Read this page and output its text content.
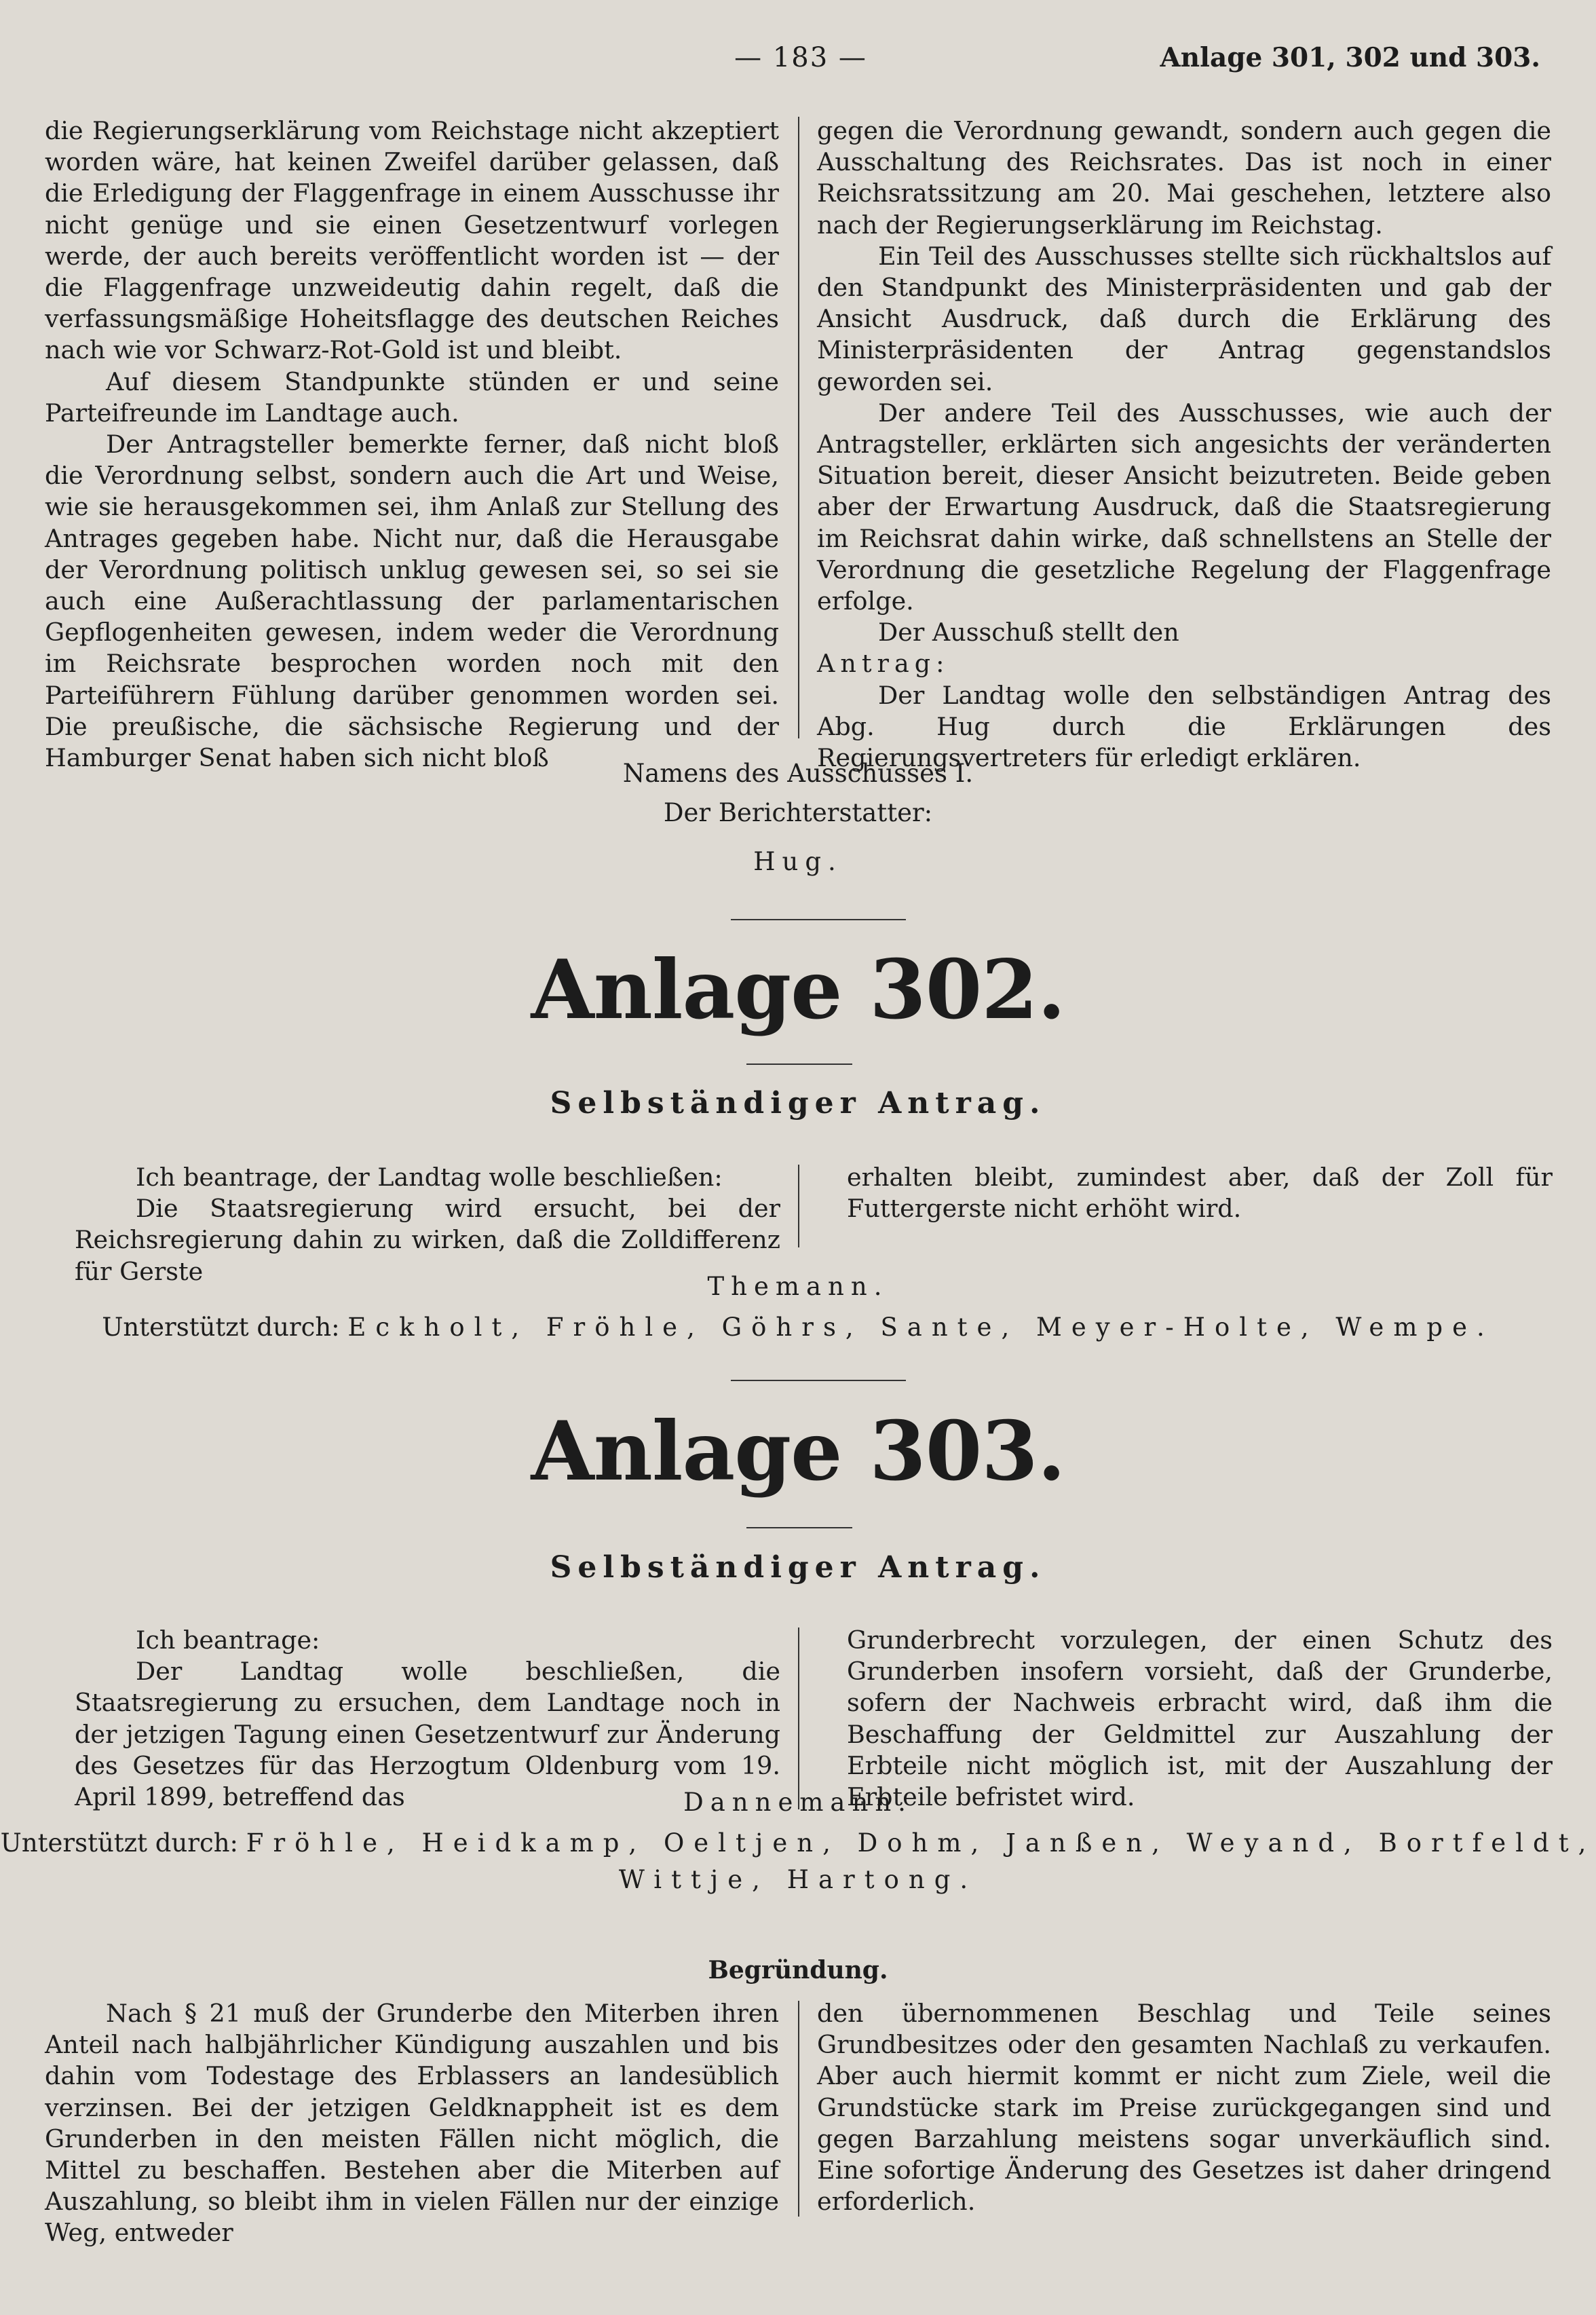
— 183 —	Anlage 301, 302 und 303.

die Regierungserklärung vom Reichstage nicht akzeptiert worden wäre, hat keinen Zweifel darüber gelassen, daß die Erledigung der Flaggenfrage in einem Ausschusse ihr nicht genüge und sie einen Gesetzentwurf vorlegen werde, der auch bereits veröffentlicht worden ist — der die Flaggenfrage unzweideutig dahin regelt, daß die verfassungsmäßige Hoheitsflagge des deutschen Reiches nach wie vor Schwarz-Rot-Gold ist und bleibt.

Auf diesem Standpunkte stünden er und seine Parteifreunde im Landtage auch.

Der Antragsteller bemerkte ferner, daß nicht bloß die Verordnung selbst, sondern auch die Art und Weise, wie sie herausgekommen sei, ihm Anlaß zur Stellung des Antrages gegeben habe. Nicht nur, daß die Herausgabe der Verordnung politisch unklug gewesen sei, so sei sie auch eine Außerachtlassung der parlamentarischen Gepflogenheiten gewesen, indem weder die Verordnung im Reichsrate besprochen worden noch mit den Parteiführern Fühlung darüber genommen worden sei. Die preußische, die sächsische Regierung und der Hamburger Senat haben sich nicht bloß

gegen die Verordnung gewandt, sondern auch gegen die Ausschaltung des Reichsrates. Das ist noch in einer Reichsratssitzung am 20. Mai geschehen, letztere also nach der Regierungserklärung im Reichstag.

Ein Teil des Ausschusses stellte sich rückhaltslos auf den Standpunkt des Ministerpräsidenten und gab der Ansicht Ausdruck, daß durch die Erklärung des Ministerpräsidenten der Antrag gegenstandslos geworden sei.

Der andere Teil des Ausschusses, wie auch der Antragsteller, erklärten sich angesichts der veränderten Situation bereit, dieser Ansicht beizutreten. Beide geben aber der Erwartung Ausdruck, daß die Staatsregierung im Reichsrat dahin wirke, daß schnellstens an Stelle der Verordnung die gesetzliche Regelung der Flaggenfrage erfolge.

Der Ausschuß stellt den

Antrag:

Der Landtag wolle den selbständigen Antrag des Abg. Hug durch die Erklärungen des Regierungsvertreters für erledigt erklären.

Namens des Ausschusses I.
Der Berichterstatter:
Hug.
Anlage 302.
Selbständiger Antrag.

Ich beantrage, der Landtag wolle beschließen:

Die Staatsregierung wird ersucht, bei der Reichsregierung dahin zu wirken, daß die Zolldifferenz für Gerste

erhalten bleibt, zumindest aber, daß der Zoll für Futtergerste nicht erhöht wird.

Themann.
Unterstützt durch: Eckholt, Fröhle, Göhrs, Sante, Meyer-Holte, Wempe.
Anlage 303.
Selbständiger Antrag.

Ich beantrage:

Der Landtag wolle beschließen, die Staatsregierung zu ersuchen, dem Landtage noch in der jetzigen Tagung einen Gesetzentwurf zur Änderung des Gesetzes für das Herzogtum Oldenburg vom 19. April 1899, betreffend das

Grunderbrecht vorzulegen, der einen Schutz des Grunderben insofern vorsieht, daß der Grunderbe, sofern der Nachweis erbracht wird, daß ihm die Beschaffung der Geldmittel zur Auszahlung der Erbteile nicht möglich ist, mit der Auszahlung der Erbteile befristet wird.

Dannemann.
Unterstützt durch: Fröhle, Heidkamp, Oeltjen, Dohm, Janßen, Weyand, Bortfeldt,
Wittje, Hartong.
Begründung.

Nach § 21 muß der Grunderbe den Miterben ihren Anteil nach halbjährlicher Kündigung auszahlen und bis dahin vom Todestage des Erblassers an landesüblich verzinsen. Bei der jetzigen Geldknappheit ist es dem Grunderben in den meisten Fällen nicht möglich, die Mittel zu beschaffen. Bestehen aber die Miterben auf Auszahlung, so bleibt ihm in vielen Fällen nur der einzige Weg, entweder

den übernommenen Beschlag und Teile seines Grundbesitzes oder den gesamten Nachlaß zu verkaufen. Aber auch hiermit kommt er nicht zum Ziele, weil die Grundstücke stark im Preise zurückgegangen sind und gegen Barzahlung meistens sogar unverkäuflich sind. Eine sofortige Änderung des Gesetzes ist daher dringend erforderlich.
